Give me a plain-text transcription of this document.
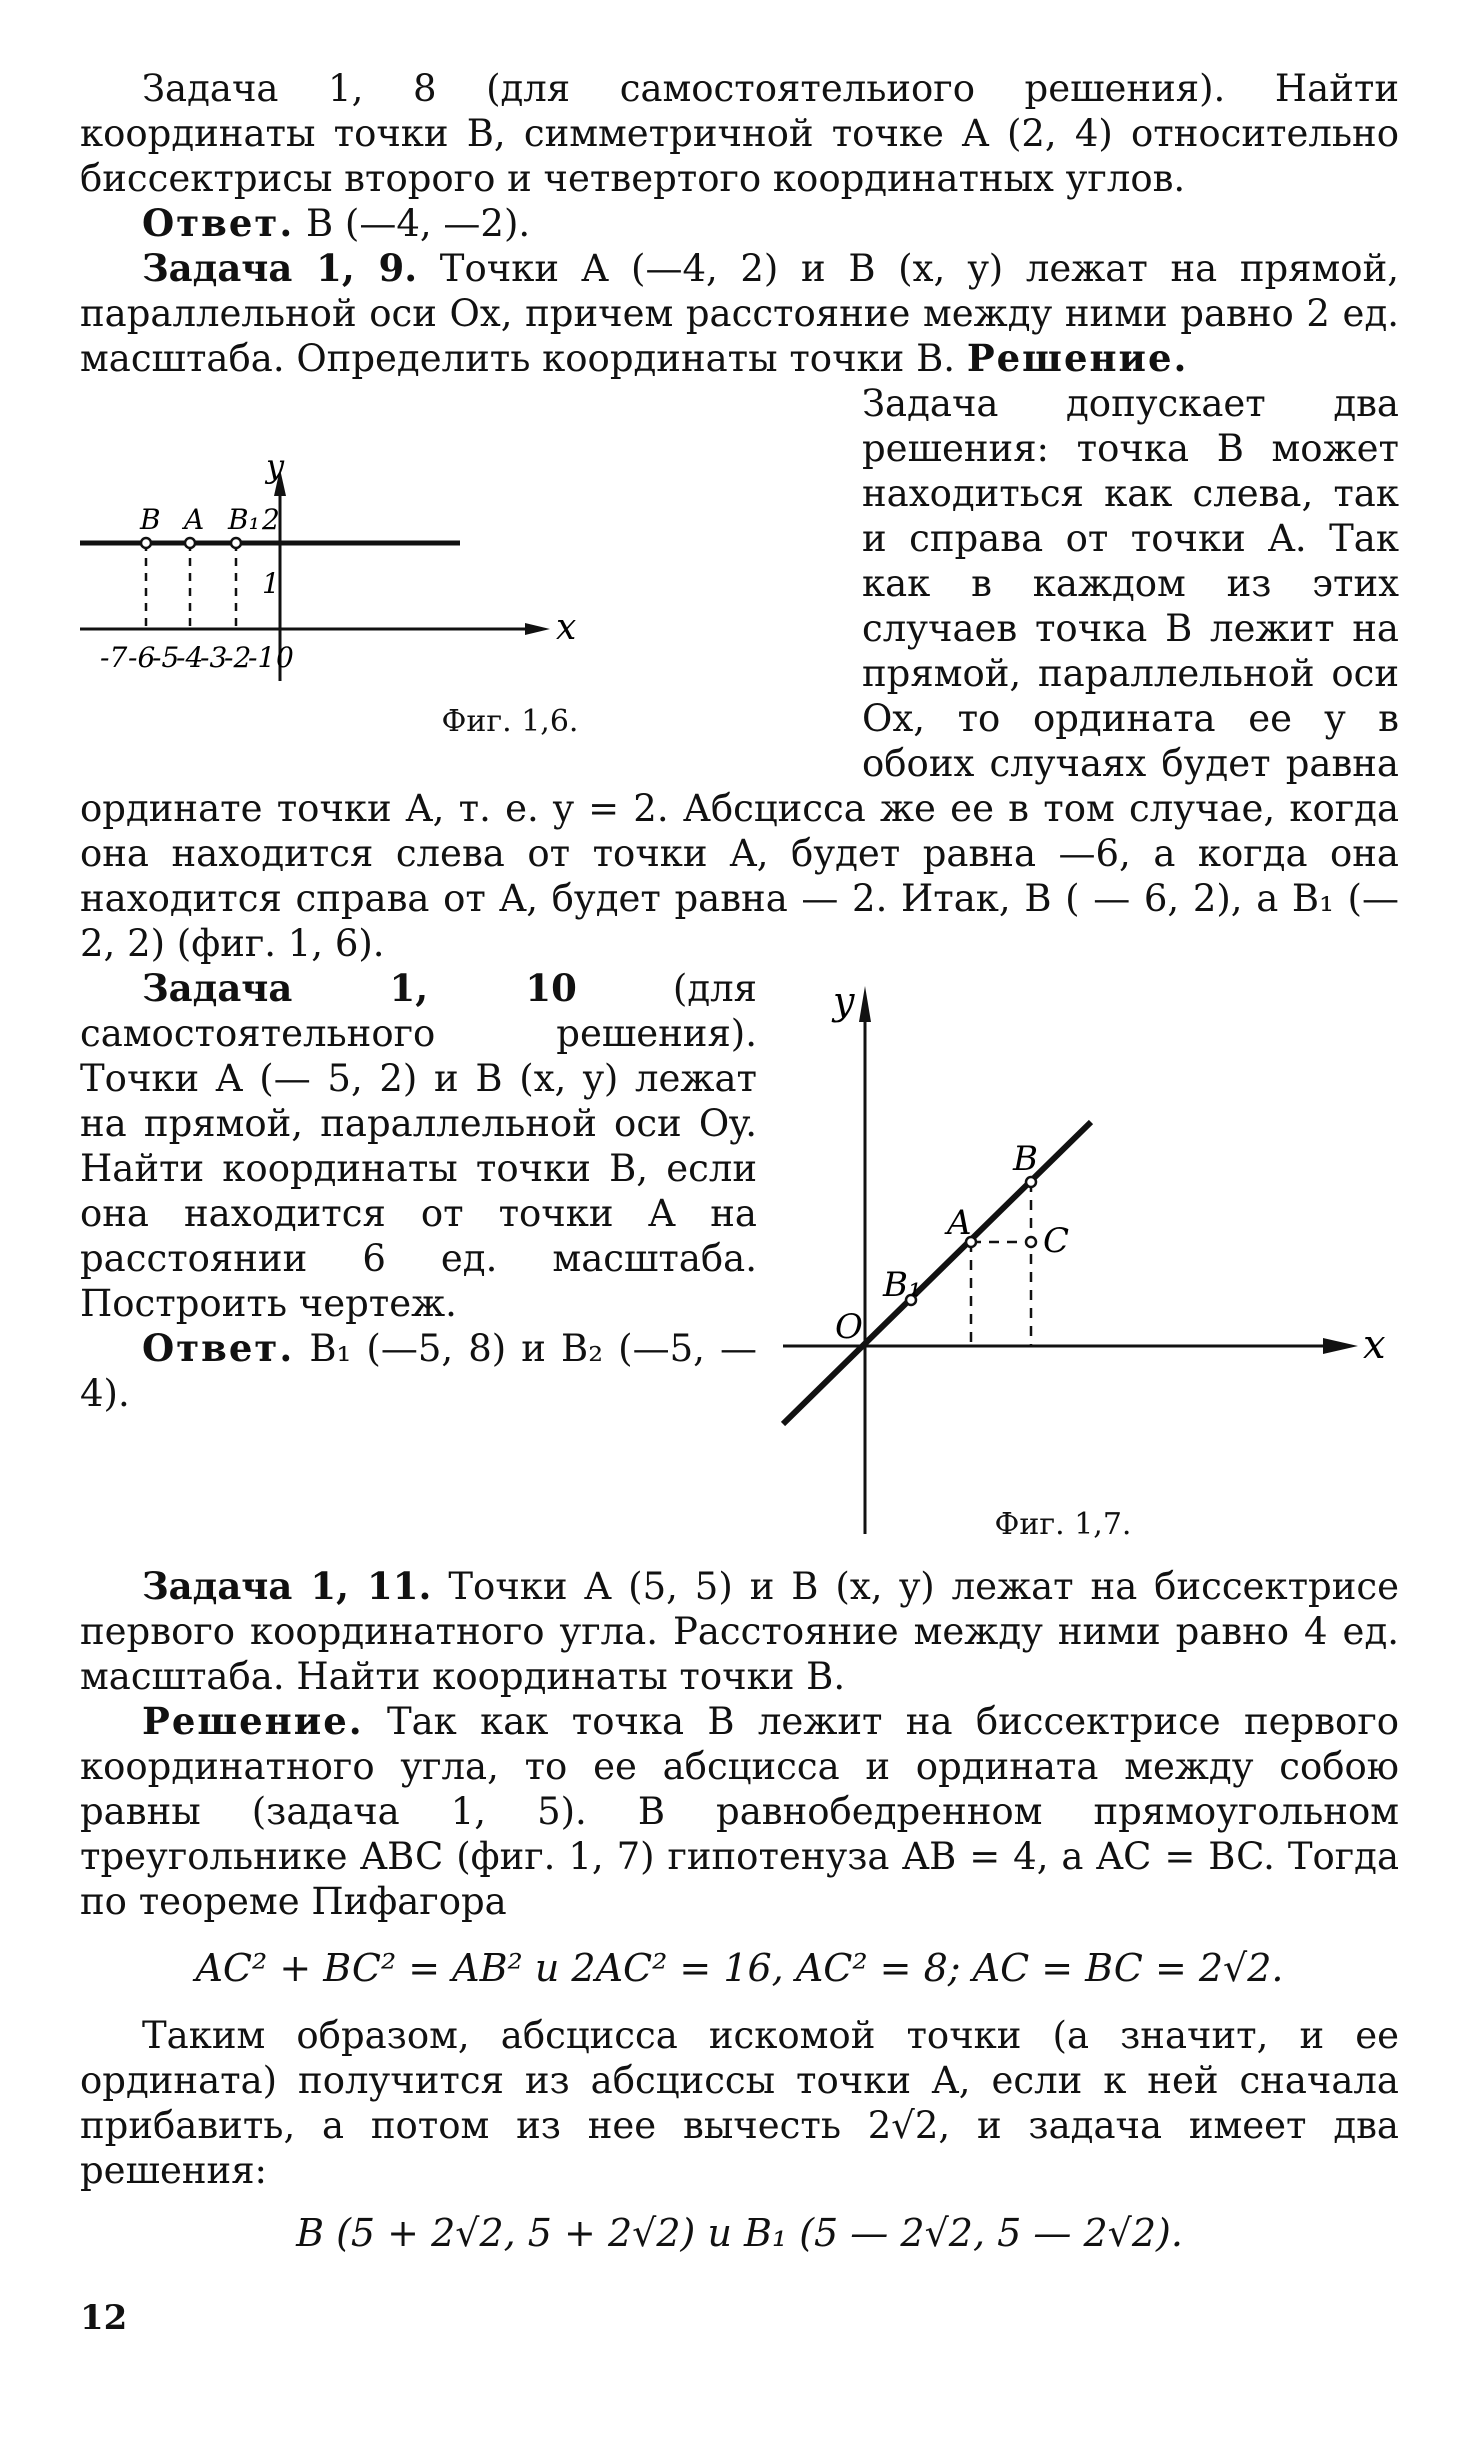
Задача 1, 8 (для самостоятельиого решения). Найти координаты точки B, симметричной точке A (2, 4) относительно биссектрисы второго и четвертого координатных углов.

Ответ. B (—4, —2).

Задача 1, 9. Точки A (—4, 2) и B (x, y) лежат на прямой, параллельной оси Ox, причем расстояние между ними равно 2 ед. масштаба. Определить координаты точки B. Решение.

B A B₁ 2
1
y
x
0
-7 -6
-5
-4
-3
-2
-1
Фиг. 1,6.

Задача допускает два решения: точка B может находиться как слева, так и справа от точки A. Так как в каждом из этих случаев точка B лежит на прямой, параллельной оси Ox, то ордината ее y в обоих случаях будет равна ординате точки A, т. е. y = 2. Абсцисса же ее в том случае, когда она находится слева от точки A, будет равна —6, а когда она находится справа от A, будет равна — 2. Итак, B ( — 6, 2), а B₁ (—2, 2) (фиг. 1, 6).

B
A C
B₁
O
y
x
Фиг. 1,7.

Задача 1, 10	(для самостоятельного решения). Точки A (— 5, 2) и B (x, y) лежат на прямой, параллельной оси Oy. Найти координаты точки B, если она находится от точки A на расстоянии 6 ед. масштаба. Построить чертеж.

Ответ. B₁ (—5, 8) и B₂ (—5, —4).

Задача 1, 11. Точки A (5, 5) и B (x, y) лежат на биссектрисе первого координатного угла. Расстояние между ними равно 4 ед. масштаба. Найти координаты точки B.

Решение. Так как точка B лежит на биссектрисе первого координатного угла, то ее абсцисса и ордината между собою равны (задача 1, 5). В равнобедренном прямоугольном треугольнике ABC (фиг. 1, 7) гипотенуза AB = 4, а AC = BC. Тогда по теореме Пифагора

AC² + BC² = AB² и 2AC² = 16, AC² = 8; AC = BC = 2√2.

Таким образом, абсцисса искомой точки (а значит, и ее ордината) получится из абсциссы точки A, если к ней сначала прибавить, а потом из нее вычесть 2√2, и задача имеет два решения:

B (5 + 2√2, 5 + 2√2) и B₁ (5 — 2√2, 5 — 2√2).

12
